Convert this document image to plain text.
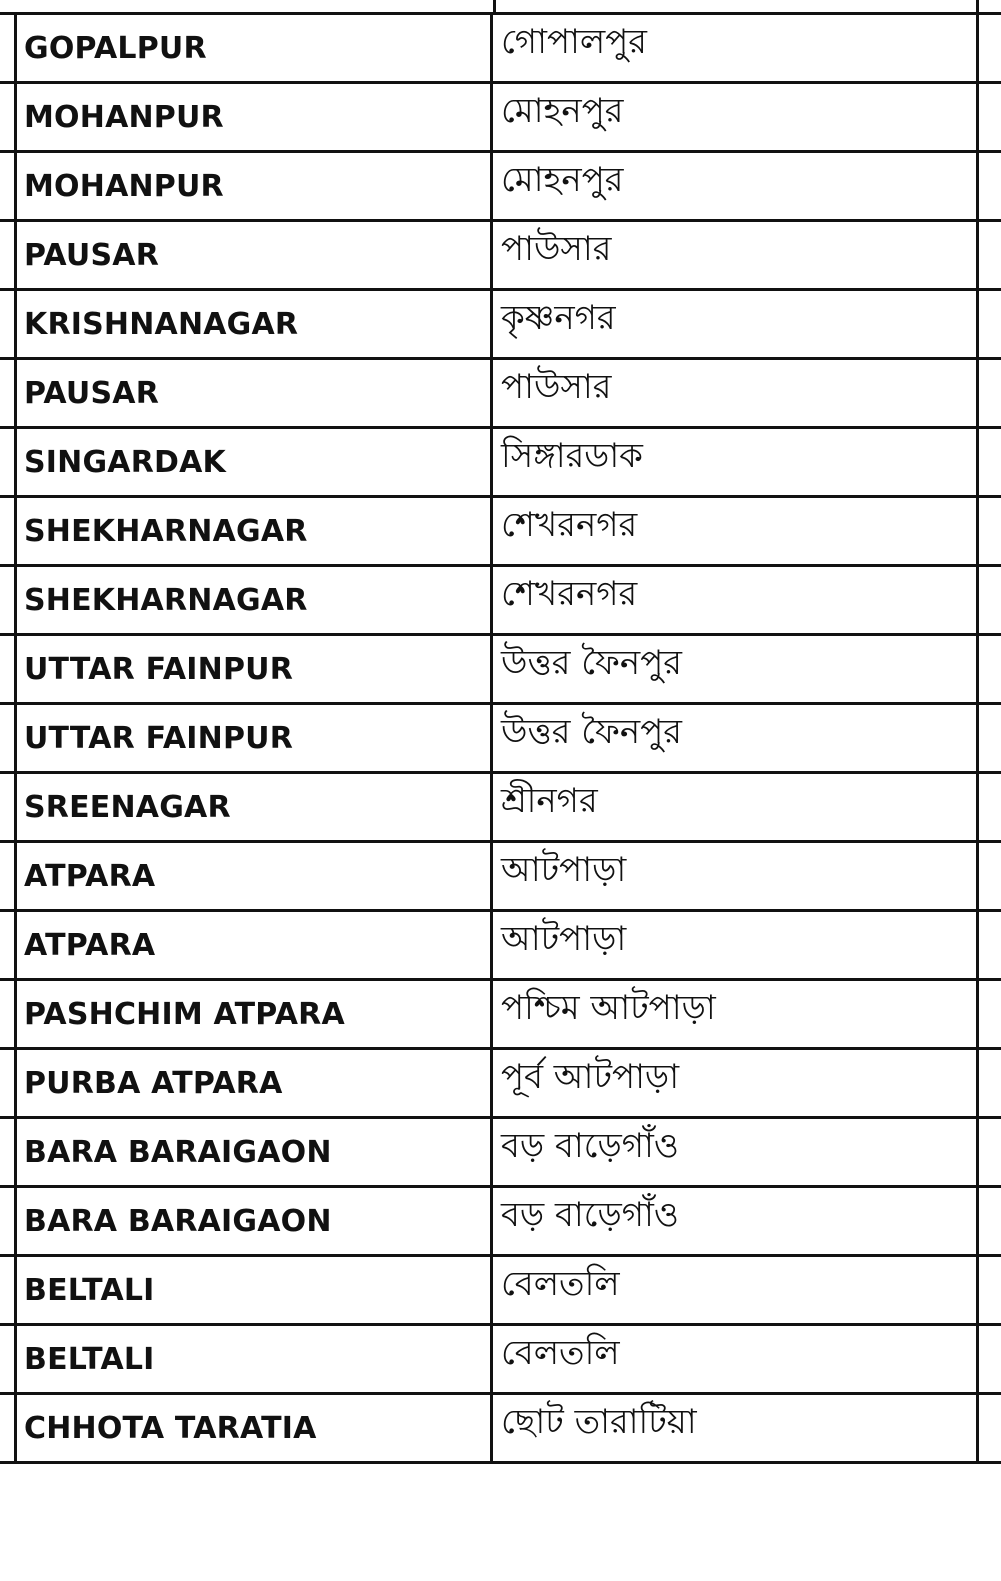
GOPALPUR	গোপালপুর
MOHANPUR	মোহনপুর
MOHANPUR	মোহনপুর
PAUSAR	পাউসার
KRISHNANAGAR	কৃষ্ণনগর
PAUSAR	পাউসার
SINGARDAK	সিঙ্গারডাক
SHEKHARNAGAR	শেখরনগর
SHEKHARNAGAR	শেখরনগর
UTTAR FAINPUR	উত্তর ফৈনপুর
UTTAR FAINPUR	উত্তর ফৈনপুর
SREENAGAR	শ্রীনগর
ATPARA	আটপাড়া
ATPARA	আটপাড়া
PASHCHIM ATPARA	পশ্চিম আটপাড়া
PURBA ATPARA	পূর্ব আটপাড়া
BARA BARAIGAON	বড় বাড়েগাঁও
BARA BARAIGAON	বড় বাড়েগাঁও
BELTALI	বেলতলি
BELTALI	বেলতলি
CHHOTA TARATIA	ছোট তারাটিয়া
